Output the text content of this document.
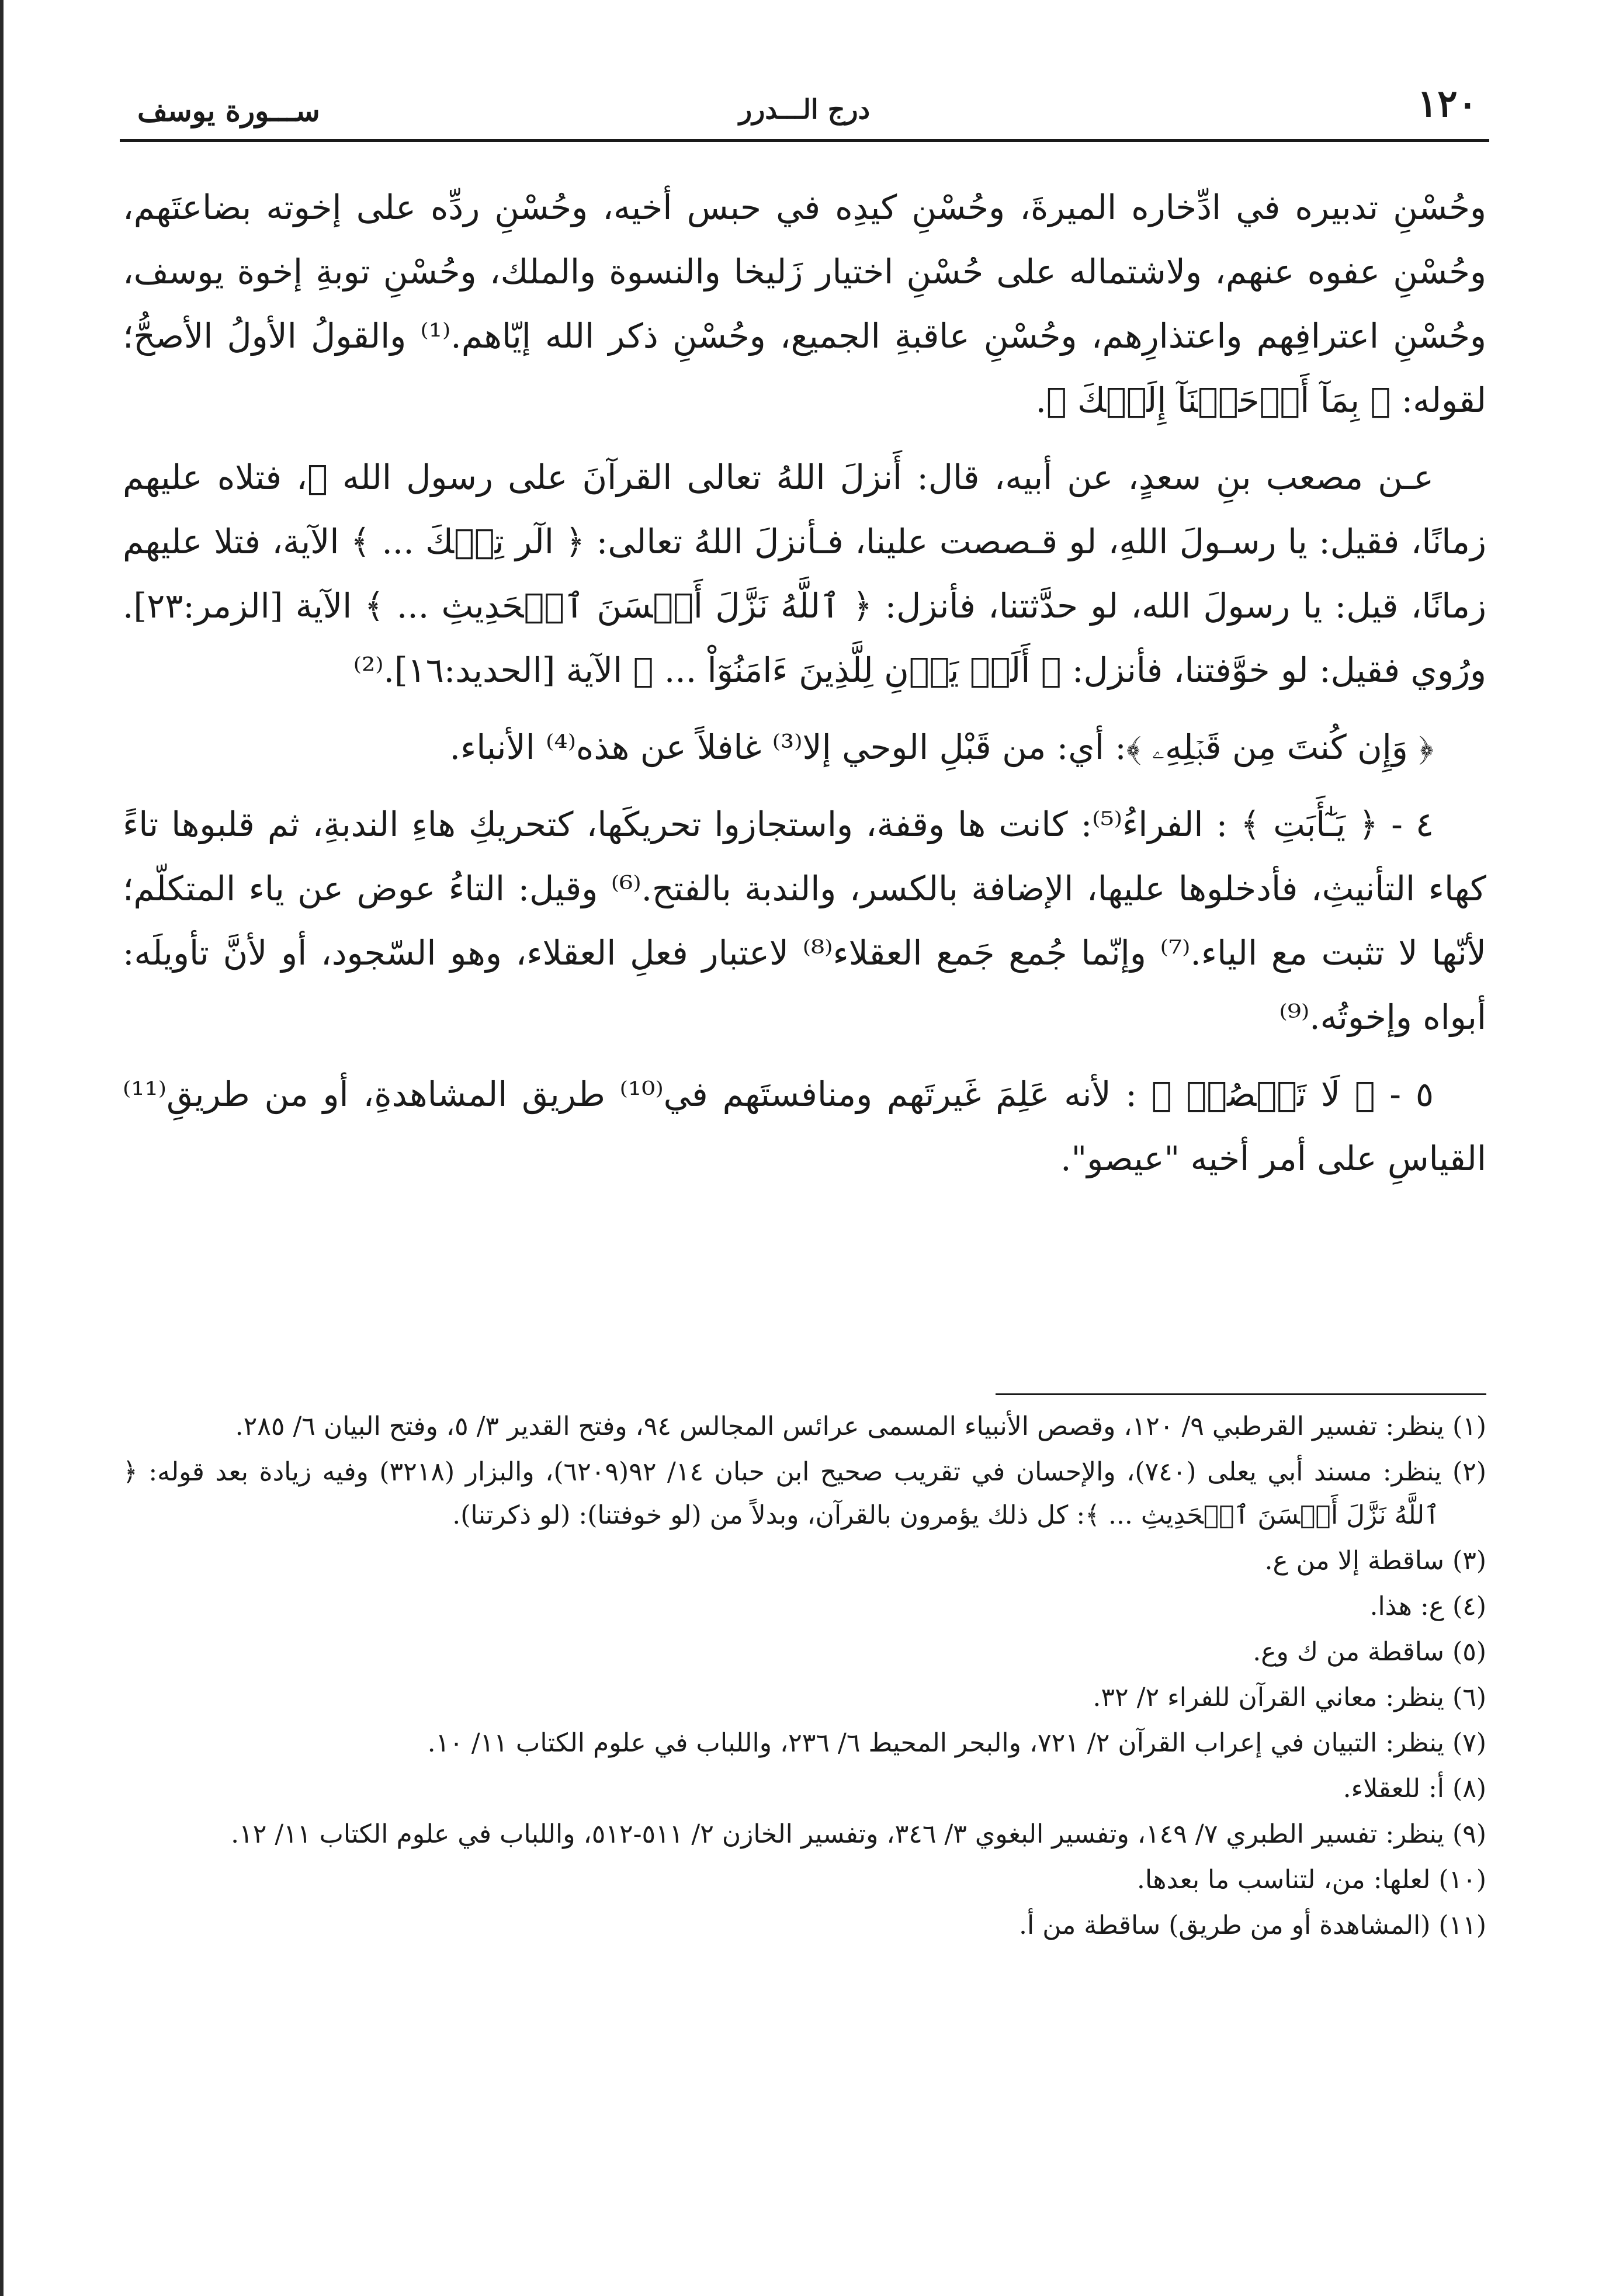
١٢٠
درج الـــدرر
ســـورة يوسف

وحُسْنِ تدبيره في ادِّخاره الميرةَ، وحُسْنِ كيدِه في حبس أخيه، وحُسْنِ ردِّه على إخوته بضاعتَهم، وحُسْنِ عفوه عنهم، ولاشتماله على حُسْنِ اختيار زَليخا والنسوة والملك، وحُسْنِ توبةِ إخوة يوسف، وحُسْنِ اعترافِهم واعتذارِهم، وحُسْنِ عاقبةِ الجميع، وحُسْنِ ذكر الله إيّاهم.⁽¹⁾ والقولُ الأولُ الأصحُّ؛ لقوله: ﴿ بِمَآ أَوۡحَيۡنَآ إِلَيۡكَ ﴾.

عـن مصعب بنِ سعدٍ، عن أبيه، قال: أَنزلَ اللهُ تعالى القرآنَ على رسول الله ﷺ، فتلاه عليهم زمانًا، فقيل: يا رسـولَ اللهِ، لو قـصصت علينا، فـأنزلَ اللهُ تعالى: ﴿ الٓر تِلۡكَ ... ﴾ الآية، فتلا عليهم زمانًا، قيل: يا رسولَ الله، لو حدَّثتنا، فأنزل: ﴿ ٱللَّهُ نَزَّلَ أَحۡسَنَ ٱلۡحَدِيثِ ... ﴾ الآية [الزمر:٢٣]. ورُوي فقيل: لو خوَّفتنا، فأنزل: ﴿ أَلَمۡ يَأۡنِ لِلَّذِينَ ءَامَنُوٓاْ ... ﴾ الآية [الحديد:١٦].⁽²⁾

﴿ وَإِن كُنتَ مِن قَبۡلِهِۦ ﴾: أي: من قَبْلِ الوحي إلا⁽³⁾ غافلاً عن هذه⁽⁴⁾ الأنباء.

٤ - ﴿ يَـٰٓأَبَتِ ﴾ : الفراءُ⁽⁵⁾: كانت ها وقفة، واستجازوا تحريكَها، كتحريكِ هاءِ الندبةِ، ثم قلبوها تاءً كهاء التأنيثِ، فأدخلوها عليها، الإضافة بالكسر، والندبة بالفتح.⁽⁶⁾ وقيل: التاءُ عوض عن ياء المتكلّم؛ لأنّها لا تثبت مع الياء.⁽⁷⁾ وإنّما جُمع جَمع العقلاء⁽⁸⁾ لاعتبار فعلِ العقلاء، وهو السّجود، أو لأنَّ تأويلَه: أبواه وإخوتُه.⁽⁹⁾

٥ - ﴿ لَا تَقۡصُصۡ ﴾ : لأنه عَلِمَ غَيرتَهم ومنافستَهم في⁽¹⁰⁾ طريق المشاهدةِ، أو من طريقِ⁽¹¹⁾ القياسِ على أمر أخيه "عيصو".

(١) ينظر: تفسير القرطبي ٩/ ١٢٠، وقصص الأنبياء المسمى عرائس المجالس ٩٤، وفتح القدير ٣/ ٥، وفتح البيان ٦/ ٢٨٥.
(٢) ينظر: مسند أبي يعلى (٧٤٠)، والإحسان في تقريب صحيح ابن حبان ١٤/ ٩٢(٦٢٠٩)، والبزار (٣٢١٨) وفيه زيادة بعد قوله: ﴿ ٱللَّهُ نَزَّلَ أَحۡسَنَ ٱلۡحَدِيثِ ... ﴾: كل ذلك يؤمرون بالقرآن، وبدلاً من (لو خوفتنا): (لو ذكرتنا).
(٣) ساقطة إلا من ع.
(٤) ع: هذا.
(٥) ساقطة من ك وع.
(٦) ينظر: معاني القرآن للفراء ٢/ ٣٢.
(٧) ينظر: التبيان في إعراب القرآن ٢/ ٧٢١، والبحر المحيط ٦/ ٢٣٦، واللباب في علوم الكتاب ١١/ ١٠.
(٨) أ: للعقلاء.
(٩) ينظر: تفسير الطبري ٧/ ١٤٩، وتفسير البغوي ٣/ ٣٤٦، وتفسير الخازن ٢/ ٥١١-٥١٢، واللباب في علوم الكتاب ١١/ ١٢.
(١٠) لعلها: من، لتناسب ما بعدها.
(١١) (المشاهدة أو من طريق) ساقطة من أ.
